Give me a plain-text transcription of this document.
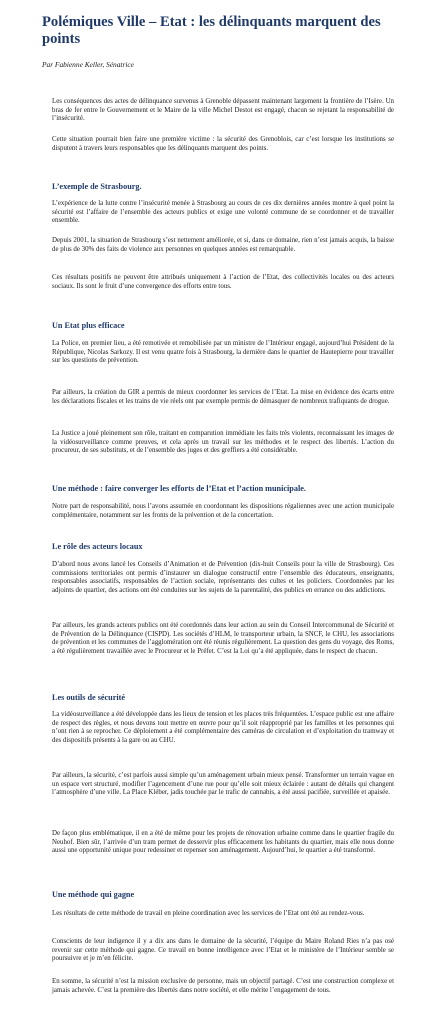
Polémiques Ville – Etat : les délinquants marquent des points
Par Fabienne Keller, Sénatrice

Les conséquences des actes de délinquance survenus à Grenoble dépassent maintenant largement la frontière de l’Isère. Un bras de fer entre le Gouvernement et le Maire de la ville Michel Destot est engagé, chacun se rejetant la responsabilité de l’insécurité.

Cette situation pourrait bien faire une première victime : la sécurité des Grenoblois, car c’est lorsque les institutions se disputent à travers leurs responsables que les délinquants marquent des points.

L’exemple de Strasbourg.

L’expérience de la lutte contre l’insécurité menée à Strasbourg au cours de ces dix dernières années montre à quel point la sécurité est l’affaire de l’ensemble des acteurs publics et exige une volonté commune de se coordonner et de travailler ensemble.

Depuis 2001, la situation de Strasbourg s’est nettement améliorée, et si, dans ce domaine, rien n’est jamais acquis, la baisse de plus de 30% des faits de violence aux personnes en quelques années est remarquable.

Ces résultats positifs ne peuvent être attribués uniquement à l’action de l’Etat, des collectivités locales ou des acteurs sociaux. Ils sont le fruit d’une convergence des efforts entre tous.

Un Etat plus efficace

La Police, en premier lieu, a été remotivée et remobilisée par un ministre de l’Intérieur engagé, aujourd’hui Président de la République, Nicolas Sarkozy. Il est venu quatre fois à Strasbourg, la dernière dans le quartier de Hautepierre pour travailler sur les questions de prévention.

Par ailleurs, la création du GIR a permis de mieux coordonner les services de l’Etat. La mise en évidence des écarts entre les déclarations fiscales et les trains de vie réels ont par exemple permis de démasquer de nombreux trafiquants de drogue.

La Justice a joué pleinement son rôle, traitant en comparution immédiate les faits très violents, reconnaissant les images de la vidéosurveillance comme preuves, et cela après un travail sur les méthodes et le respect des libertés. L’action du procureur, de ses substituts, et de l’ensemble des juges et des greffiers a été considérable.

Une méthode : faire converger les efforts de l’Etat et l’action municipale.

Notre part de responsabilité, nous l’avons assumée en coordonnant les dispositions régaliennes avec une action municipale complémentaire, notamment sur les fronts de la prévention et de la concertation.

Le rôle des acteurs locaux

D’abord nous avons lancé les Conseils d’Animation et de Prévention (dix-huit Conseils pour la ville de Strasbourg). Ces commissions territoriales ont permis d’instaurer un dialogue constructif entre l’ensemble des éducateurs, enseignants, responsables associatifs, responsables de l’action sociale, représentants des cultes et les policiers. Coordonnées par les adjoints de quartier, des actions ont été conduites sur les sujets de la parentalité, des publics en errance ou des addictions.

Par ailleurs, les grands acteurs publics ont été coordonnés dans leur action au sein du Conseil Intercommunal de Sécurité et de Prévention de la Délinquance (CISPD). Les sociétés d’HLM, le transporteur urbain, la SNCF, le CHU, les associations de prévention et les communes de l’agglomération ont été réunis régulièrement. La question des gens du voyage, des Roms, a été régulièrement travaillée avec le Procureur et le Préfet. C’est la Loi qu’a été appliquée, dans le respect de chacun.

Les outils de sécurité

La vidéosurveillance a été développée dans les lieux de tension et les places très fréquentées. L’espace public est une affaire de respect des règles, et nous devons tout mettre en œuvre pour qu’il soit réapproprié par les familles et les personnes qui n’ont rien à se reprocher. Ce déploiement a été complémentaire des caméras de circulation et d’exploitation du tramway et des dispositifs présents à la gare ou au CHU.

Par ailleurs, la sécurité, c’est parfois aussi simple qu’un aménagement urbain mieux pensé. Transformer un terrain vague en un espace vert structuré, modifier l’agencement d’une rue pour qu’elle soit mieux éclairée : autant de détails qui changent l’atmosphère d’une ville. La Place Kléber, jadis touchée par le trafic de cannabis, a été aussi pacifiée, surveillée et apaisée.

De façon plus emblématique, il en a été de même pour les projets de rénovation urbaine comme dans le quartier fragile du Neuhof. Bien sûr, l’arrivée d’un tram permet de desservir plus efficacement les habitants du quartier, mais elle nous donne aussi une opportunité unique pour redessiner et repenser son aménagement. Aujourd’hui, le quartier a été transformé.

Une méthode qui gagne

Les résultats de cette méthode de travail en pleine coordination avec les services de l’Etat ont été au rendez-vous.

Conscients de leur indigence il y a dix ans dans le domaine de la sécurité, l’équipe du Maire Roland Ries n’a pas osé revenir sur cette méthode qui gagne. Ce travail en bonne intelligence avec l’Etat et le ministère de l’Intérieur semble se poursuivre et je m’en félicite.

En somme, la sécurité n’est la mission exclusive de personne, mais un objectif partagé. C’est une construction complexe et jamais achevée. C’est la première des libertés dans notre société, et elle mérite l’engagement de tous.
